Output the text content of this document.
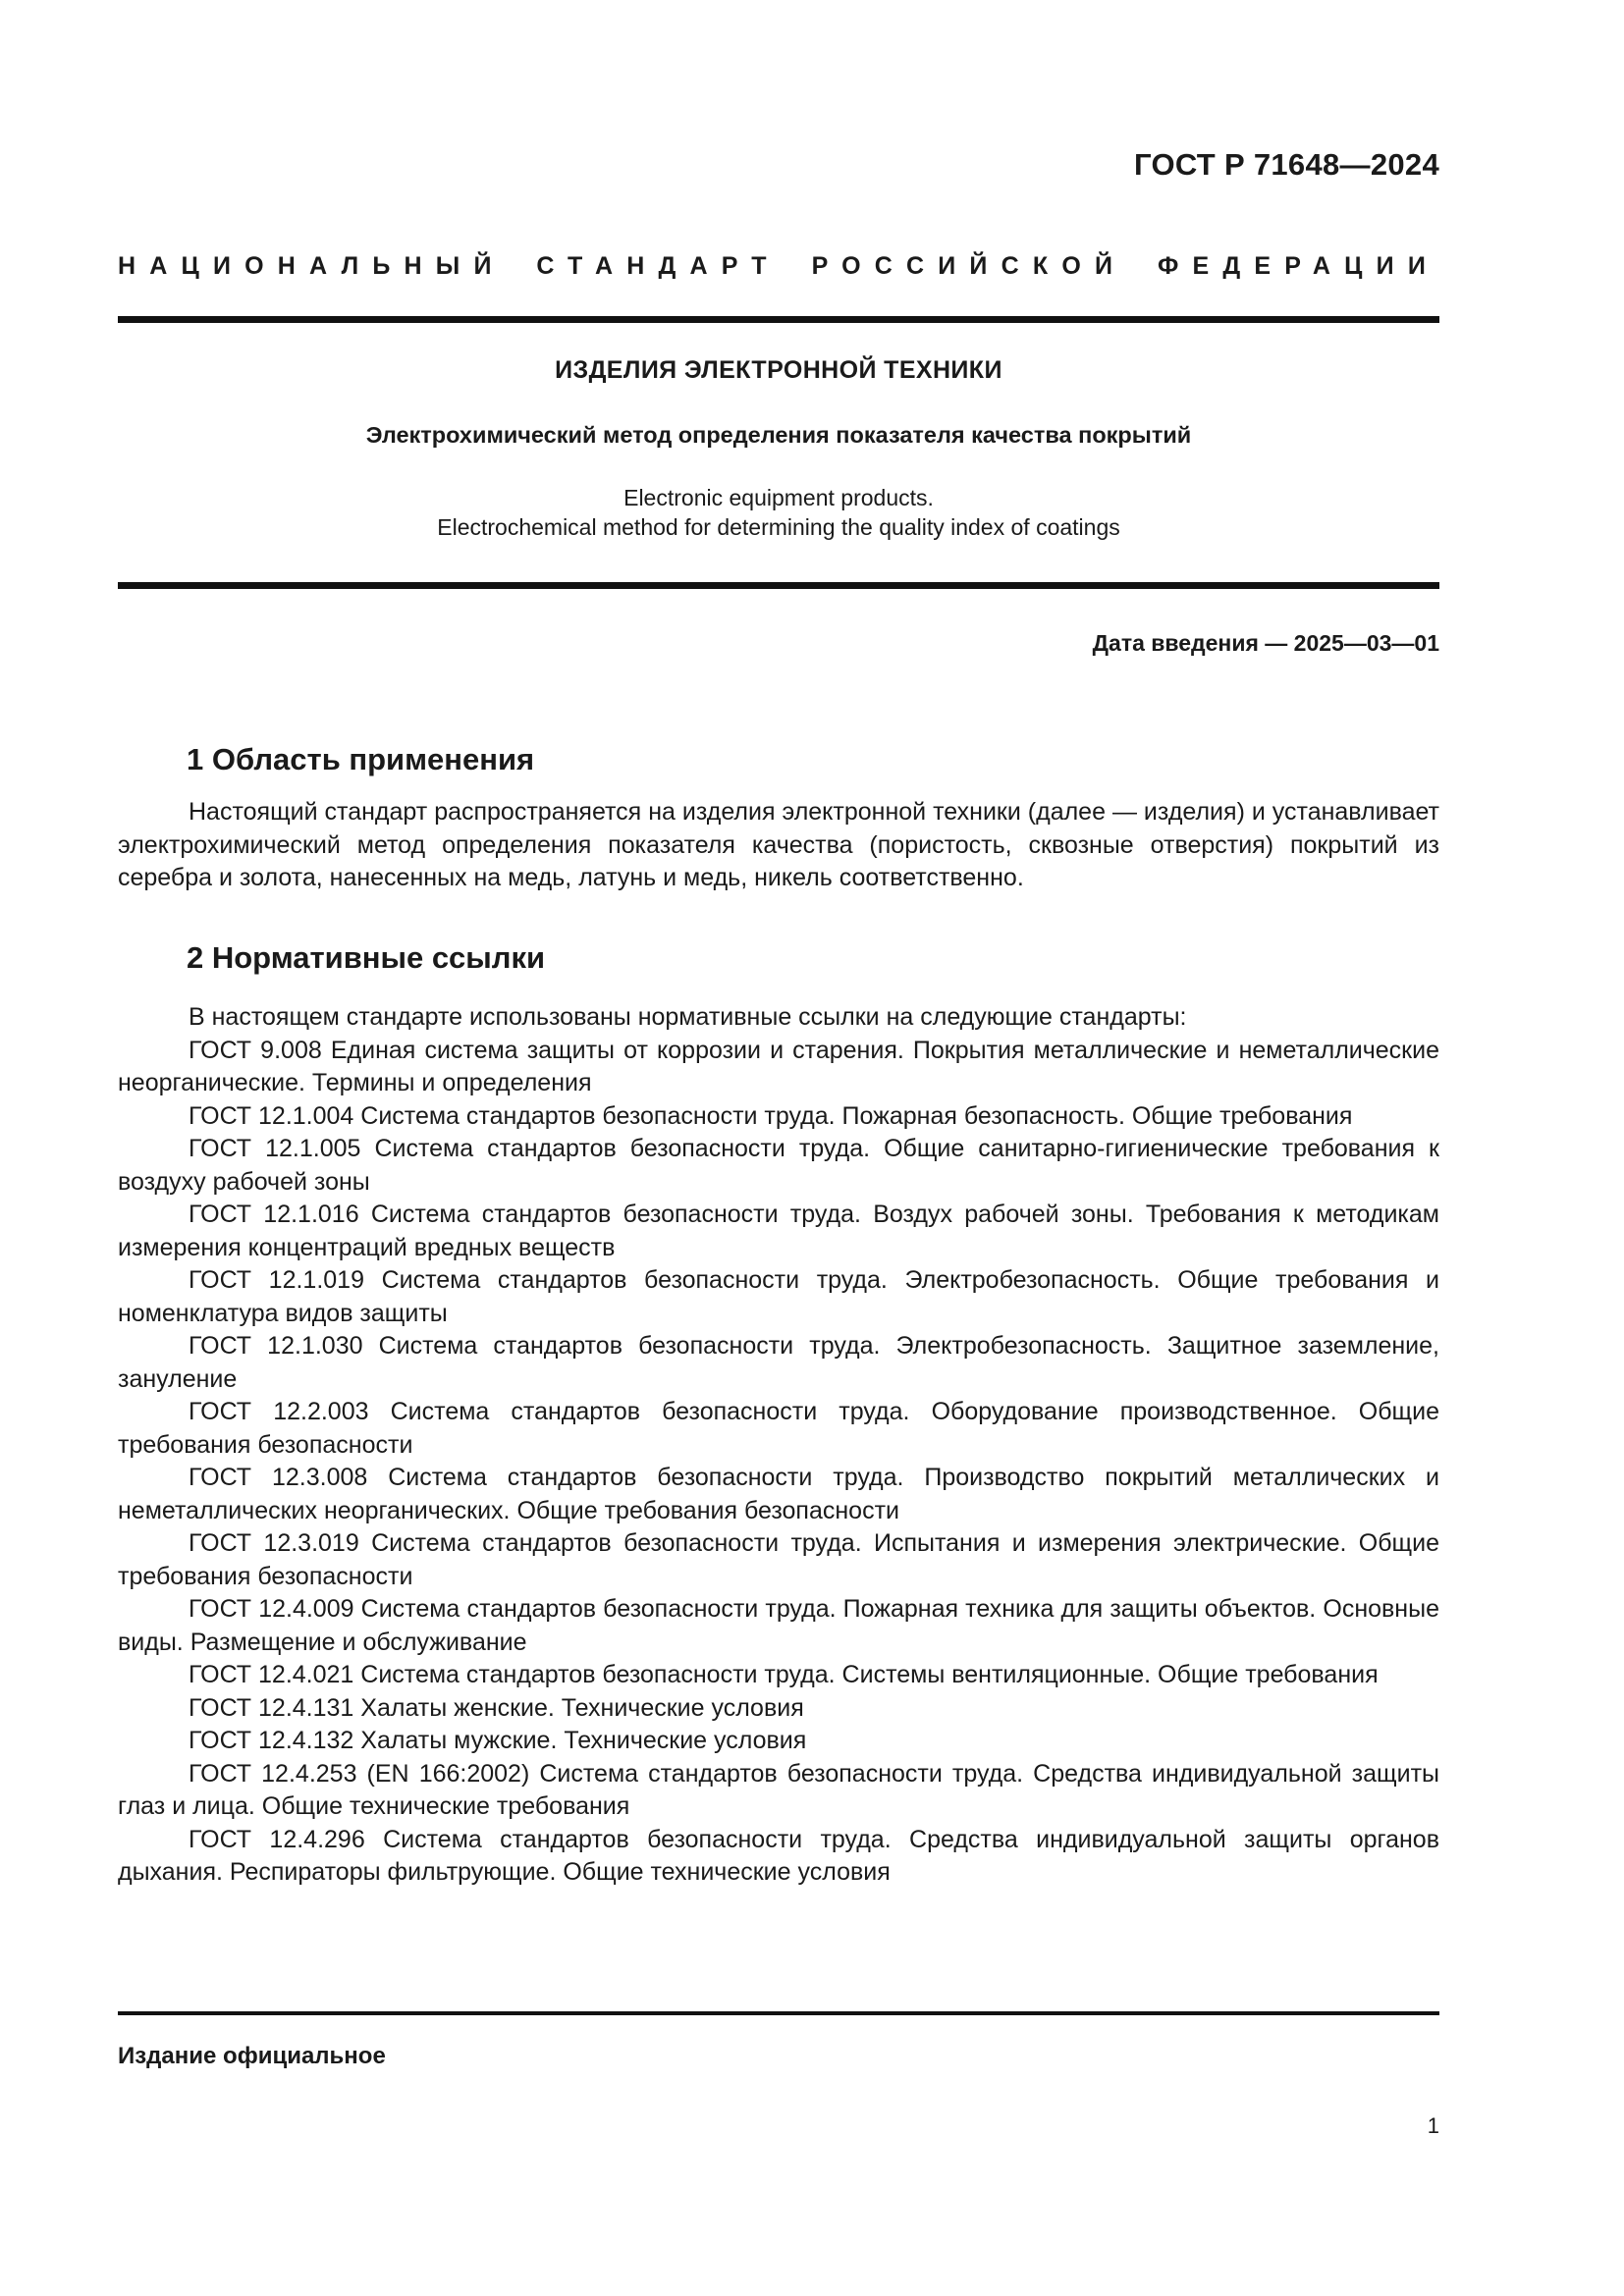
ГОСТ Р 71648—2024
НАЦИОНАЛЬНЫЙ СТАНДАРТ РОССИЙСКОЙ ФЕДЕРАЦИИ
ИЗДЕЛИЯ ЭЛЕКТРОННОЙ ТЕХНИКИ
Электрохимический метод определения показателя качества покрытий
Electronic equipment products.
Electrochemical method for determining the quality index of coatings
Дата введения — 2025—03—01
1 Область применения

Настоящий стандарт распространяется на изделия электронной техники (далее — изделия) и устанавливает электрохимический метод определения показателя качества (пористость, сквозные отверстия) покрытий из серебра и золота, нанесенных на медь, латунь и медь, никель соответственно.

2 Нормативные ссылки

В настоящем стандарте использованы нормативные ссылки на следующие стандарты:

ГОСТ 9.008 Единая система защиты от коррозии и старения. Покрытия металлические и неметаллические неорганические. Термины и определения

ГОСТ 12.1.004 Система стандартов безопасности труда. Пожарная безопасность. Общие требования

ГОСТ 12.1.005 Система стандартов безопасности труда. Общие санитарно-гигиенические требования к воздуху рабочей зоны

ГОСТ 12.1.016 Система стандартов безопасности труда. Воздух рабочей зоны. Требования к методикам измерения концентраций вредных веществ

ГОСТ 12.1.019 Система стандартов безопасности труда. Электробезопасность. Общие требования и номенклатура видов защиты

ГОСТ 12.1.030 Система стандартов безопасности труда. Электробезопасность. Защитное заземление, зануление

ГОСТ 12.2.003 Система стандартов безопасности труда. Оборудование производственное. Общие требования безопасности

ГОСТ 12.3.008 Система стандартов безопасности труда. Производство покрытий металлических и неметаллических неорганических. Общие требования безопасности

ГОСТ 12.3.019 Система стандартов безопасности труда. Испытания и измерения электрические. Общие требования безопасности

ГОСТ 12.4.009 Система стандартов безопасности труда. Пожарная техника для защиты объектов. Основные виды. Размещение и обслуживание

ГОСТ 12.4.021 Система стандартов безопасности труда. Системы вентиляционные. Общие требования

ГОСТ 12.4.131 Халаты женские. Технические условия

ГОСТ 12.4.132 Халаты мужские. Технические условия

ГОСТ 12.4.253 (EN 166:2002) Система стандартов безопасности труда. Средства индивидуальной защиты глаз и лица. Общие технические требования

ГОСТ 12.4.296 Система стандартов безопасности труда. Средства индивидуальной защиты органов дыхания. Респираторы фильтрующие. Общие технические условия

Издание официальное
1
